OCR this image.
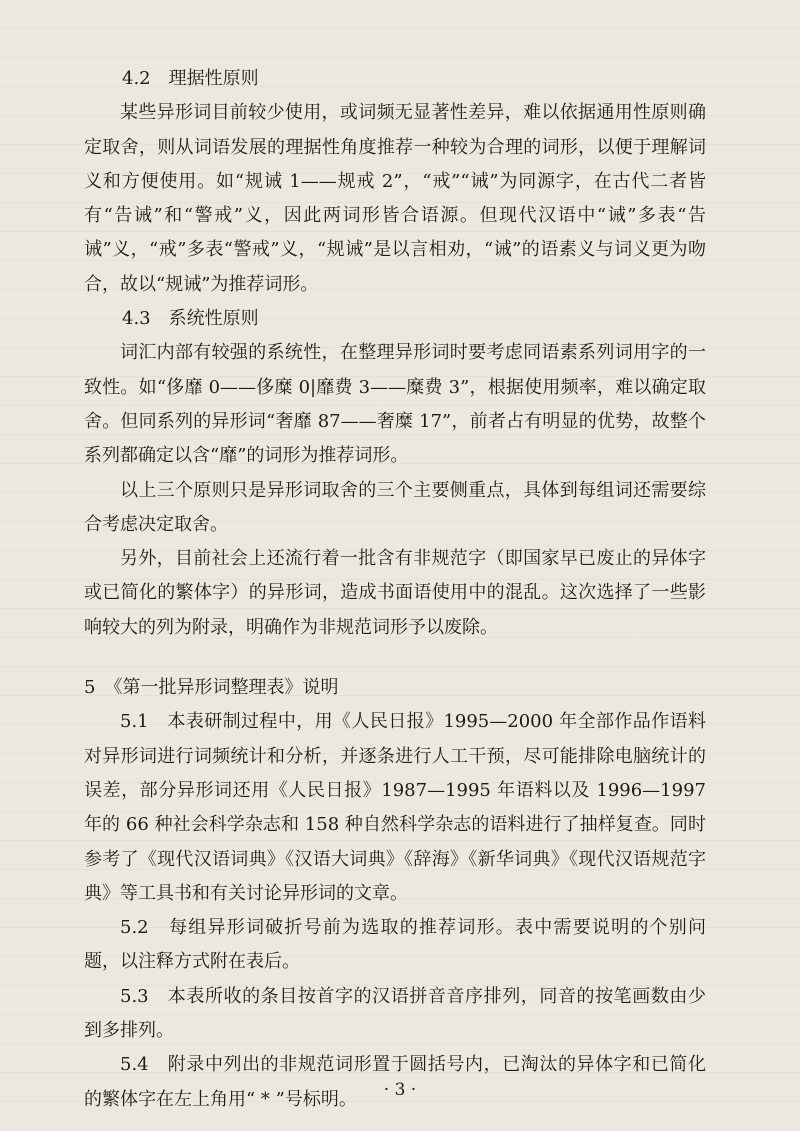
4.2　理据性原则

某些异形词目前较少使用，或词频无显著性差异，难以依据通用性原则确定取舍，则从词语发展的理据性角度推荐一种较为合理的词形，以便于理解词义和方便使用。如“规诫 1——规戒 2”，“戒”“诫”为同源字，在古代二者皆有“告诫”和“警戒”义，因此两词形皆合语源。但现代汉语中“诫”多表“告诫”义，“戒”多表“警戒”义，“规诫”是以言相劝，“诫”的语素义与词义更为吻合，故以“规诫”为推荐词形。

4.3　系统性原则

词汇内部有较强的系统性，在整理异形词时要考虑同语素系列词用字的一致性。如“侈靡 0——侈糜 0|靡费 3——糜费 3”，根据使用频率，难以确定取舍。但同系列的异形词“奢靡 87——奢糜 17”，前者占有明显的优势，故整个系列都确定以含“靡”的词形为推荐词形。

以上三个原则只是异形词取舍的三个主要侧重点，具体到每组词还需要综合考虑决定取舍。

另外，目前社会上还流行着一批含有非规范字（即国家早已废止的异体字或已简化的繁体字）的异形词，造成书面语使用中的混乱。这次选择了一些影响较大的列为附录，明确作为非规范词形予以废除。

5　《第一批异形词整理表》说明

5.1　本表研制过程中，用《人民日报》1995—2000 年全部作品作语料对异形词进行词频统计和分析，并逐条进行人工干预，尽可能排除电脑统计的误差，部分异形词还用《人民日报》1987—1995 年语料以及 1996—1997 年的 66 种社会科学杂志和 158 种自然科学杂志的语料进行了抽样复查。同时参考了《现代汉语词典》《汉语大词典》《辞海》《新华词典》《现代汉语规范字典》等工具书和有关讨论异形词的文章。

5.2　每组异形词破折号前为选取的推荐词形。表中需要说明的个别问题，以注释方式附在表后。

5.3　本表所收的条目按首字的汉语拼音音序排列，同音的按笔画数由少到多排列。

5.4　附录中列出的非规范词形置于圆括号内，已淘汰的异体字和已简化的繁体字在左上角用“ * ”号标明。	· 3 ·
